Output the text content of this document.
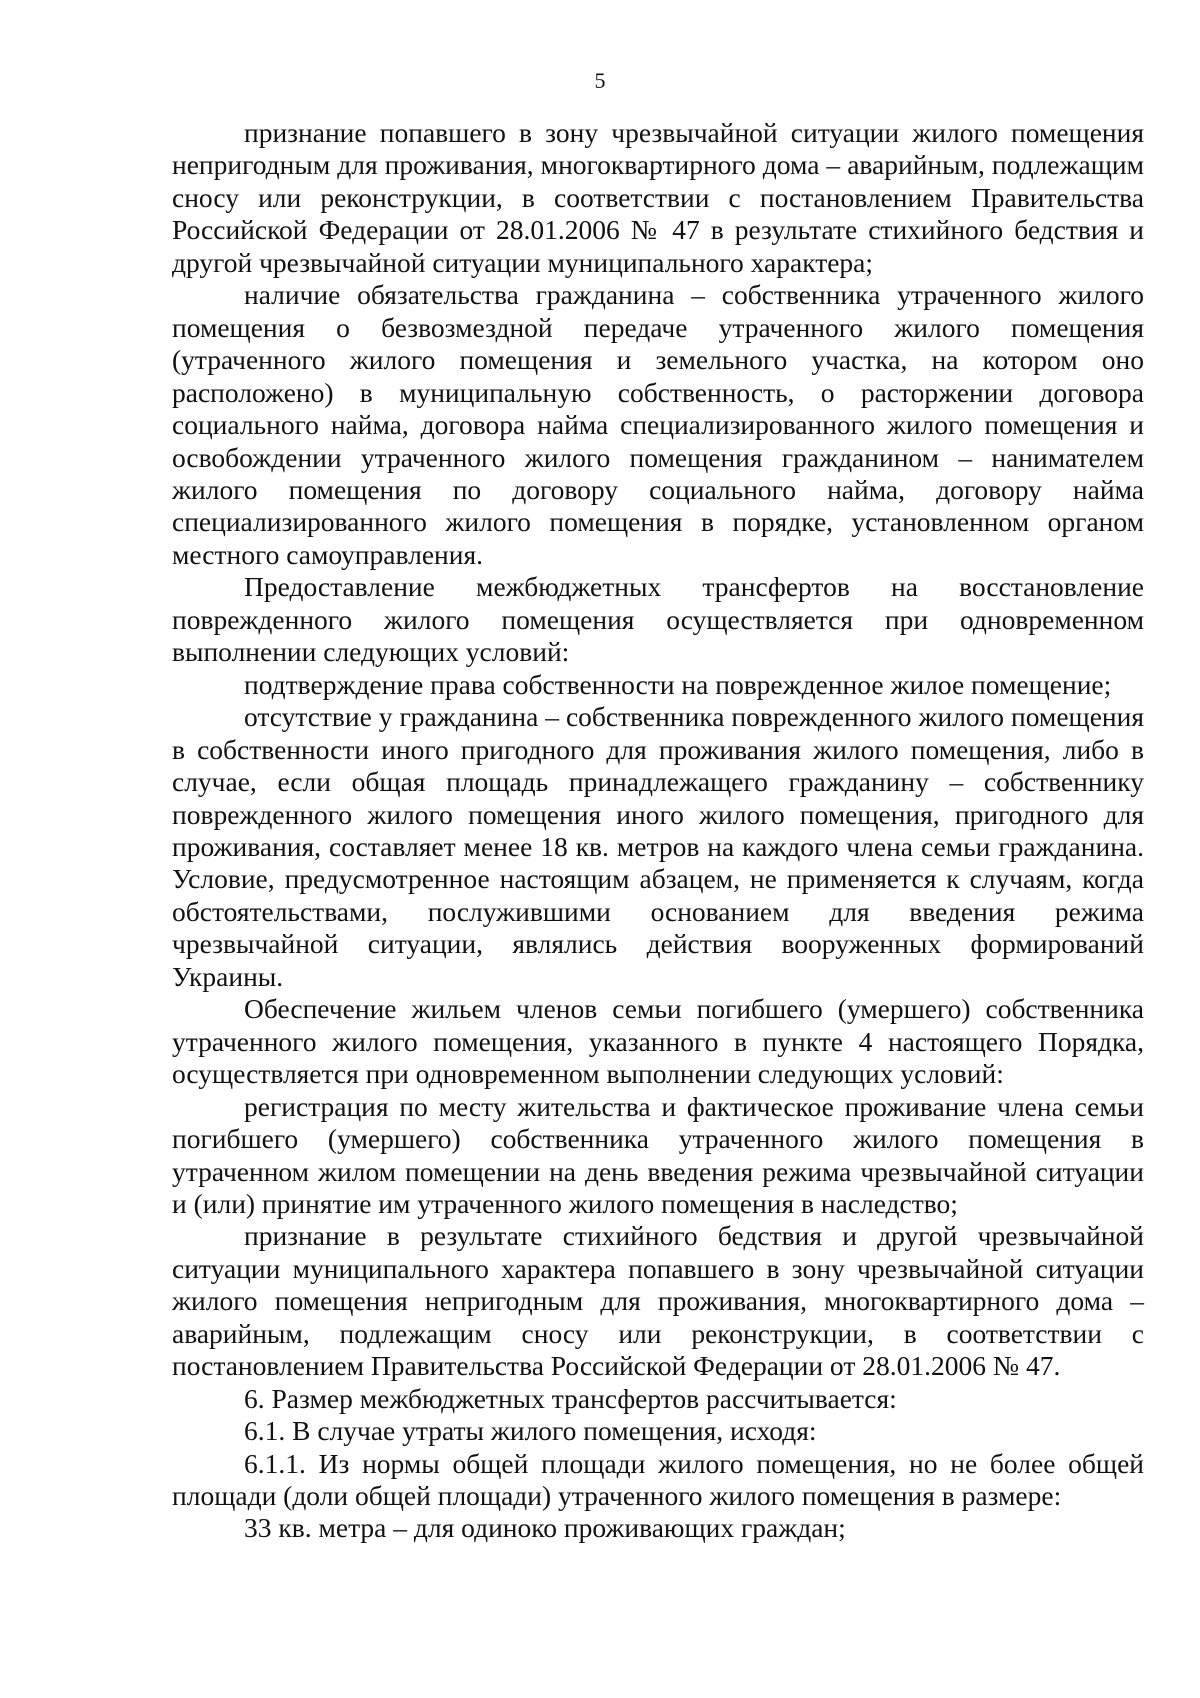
5

признание попавшего в зону чрезвычайной ситуации жилого помещения непригодным для проживания, многоквартирного дома – аварийным, подлежащим сносу или реконструкции, в соответствии с постановлением Правительства Российской Федерации от 28.01.2006 № 47 в результате стихийного бедствия и другой чрезвычайной ситуации муниципального характера;

наличие обязательства гражданина – собственника утраченного жилого помещения о безвозмездной передаче утраченного жилого помещения (утраченного жилого помещения и земельного участка, на котором оно расположено) в муниципальную собственность, о расторжении договора социального найма, договора найма специализированного жилого помещения и освобождении утраченного жилого помещения гражданином – нанимателем жилого помещения по договору социального найма, договору найма специализированного жилого помещения в порядке, установленном органом местного самоуправления.

Предоставление межбюджетных трансфертов на восстановление поврежденного жилого помещения осуществляется при одновременном выполнении следующих условий:

подтверждение права собственности на поврежденное жилое помещение;

отсутствие у гражданина – собственника поврежденного жилого помещения в собственности иного пригодного для проживания жилого помещения, либо в случае, если общая площадь принадлежащего гражданину – собственнику поврежденного жилого помещения иного жилого помещения, пригодного для проживания, составляет менее 18 кв. метров на каждого члена семьи гражданина. Условие, предусмотренное настоящим абзацем, не применяется к случаям, когда обстоятельствами, послужившими основанием для введения режима чрезвычайной ситуации, являлись действия вооруженных формирований Украины.

Обеспечение жильем членов семьи погибшего (умершего) собственника утраченного жилого помещения, указанного в пункте 4 настоящего Порядка, осуществляется при одновременном выполнении следующих условий:

регистрация по месту жительства и фактическое проживание члена семьи погибшего (умершего) собственника утраченного жилого помещения в утраченном жилом помещении на день введения режима чрезвычайной ситуации и (или) принятие им утраченного жилого помещения в наследство;

признание в результате стихийного бедствия и другой чрезвычайной ситуации муниципального характера попавшего в зону чрезвычайной ситуации жилого помещения непригодным для проживания, многоквартирного дома – аварийным, подлежащим сносу или реконструкции, в соответствии с постановлением Правительства Российской Федерации от 28.01.2006 № 47.

6. Размер межбюджетных трансфертов рассчитывается:

6.1. В случае утраты жилого помещения, исходя:

6.1.1. Из нормы общей площади жилого помещения, но не более общей площади (доли общей площади) утраченного жилого помещения в размере:

33 кв. метра – для одиноко проживающих граждан;
